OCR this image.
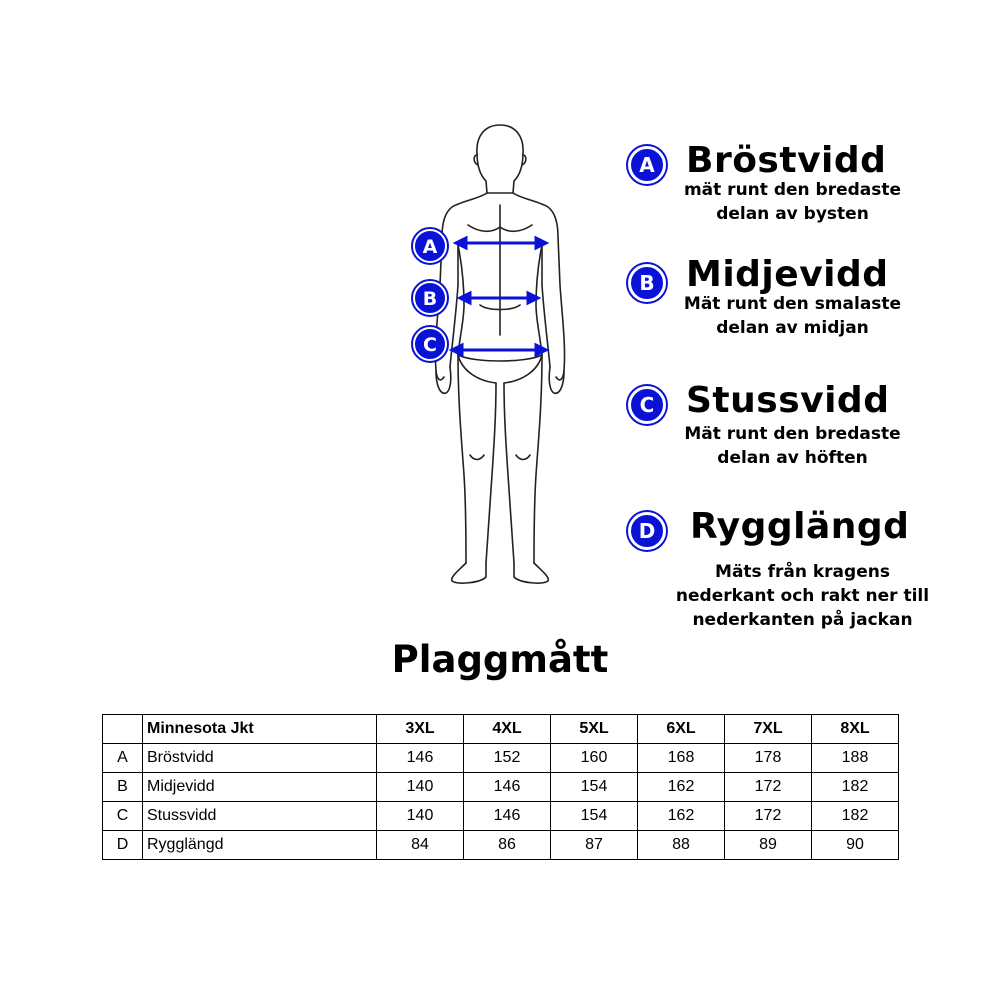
A
B
C
A Bröstvidd
mät runt den bredaste
delan av bysten
B Midjevidd
Mät runt den smalaste
delan av midjan
C Stussvidd
Mät runt den bredaste
delan av höften
D Rygglängd
Mäts från kragens
nederkant och rakt ner till
nederkanten på jackan
Plaggmått
	Minnesota Jkt	3XL	4XL	5XL	6XL	7XL	8XL
A	Bröstvidd	146	152	160	168	178	188
B	Midjevidd	140	146	154	162	172	182
C	Stussvidd	140	146	154	162	172	182
D	Rygglängd	84	86	87	88	89	90
